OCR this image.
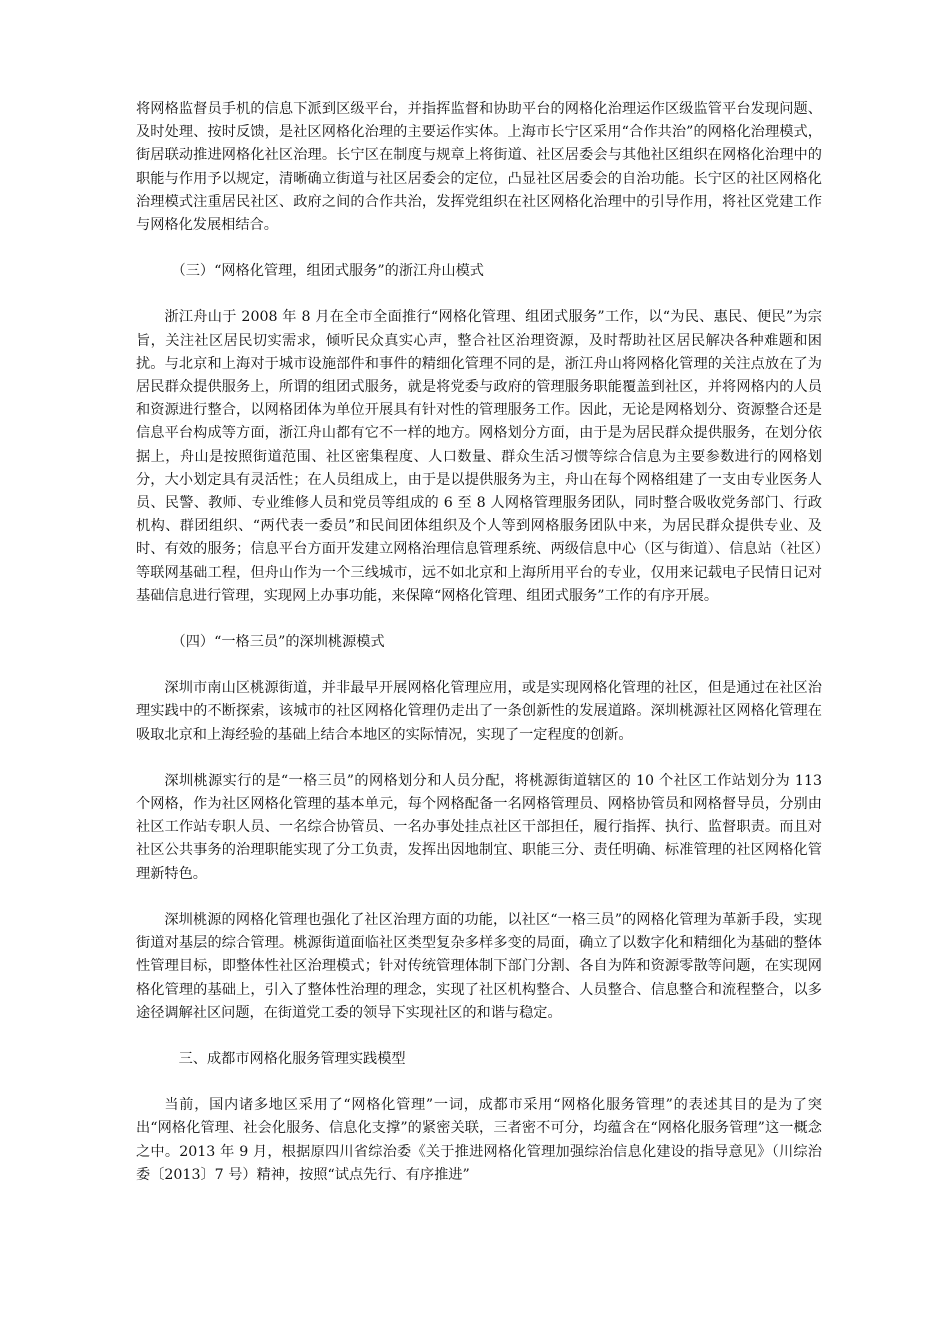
将网格监督员手机的信息下派到区级平台，并指挥监督和协助平台的网格化治理运作区级监管平台发现问题、及时处理、按时反馈，是社区网格化治理的主要运作实体。上海市长宁区采用“合作共治”的网格化治理模式，街居联动推进网格化社区治理。长宁区在制度与规章上将街道、社区居委会与其他社区组织在网格化治理中的职能与作用予以规定，清晰确立街道与社区居委会的定位，凸显社区居委会的自治功能。长宁区的社区网格化治理模式注重居民社区、政府之间的合作共治，发挥党组织在社区网格化治理中的引导作用，将社区党建工作与网格化发展相结合。

（三）“网格化管理，组团式服务”的浙江舟山模式

浙江舟山于 2008 年 8 月在全市全面推行“网格化管理、组团式服务”工作，以“为民、惠民、便民”为宗旨，关注社区居民切实需求，倾听民众真实心声，整合社区治理资源，及时帮助社区居民解决各种难题和困扰。与北京和上海对于城市设施部件和事件的精细化管理不同的是，浙江舟山将网格化管理的关注点放在了为居民群众提供服务上，所谓的组团式服务，就是将党委与政府的管理服务职能覆盖到社区，并将网格内的人员和资源进行整合，以网格团体为单位开展具有针对性的管理服务工作。因此，无论是网格划分、资源整合还是信息平台构成等方面，浙江舟山都有它不一样的地方。网格划分方面，由于是为居民群众提供服务，在划分依据上，舟山是按照街道范围、社区密集程度、人口数量、群众生活习惯等综合信息为主要参数进行的网格划分，大小划定具有灵活性；在人员组成上，由于是以提供服务为主，舟山在每个网格组建了一支由专业医务人员、民警、教师、专业维修人员和党员等组成的 6 至 8 人网格管理服务团队，同时整合吸收党务部门、行政机构、群团组织、“两代表一委员”和民间团体组织及个人等到网格服务团队中来，为居民群众提供专业、及时、有效的服务；信息平台方面开发建立网格治理信息管理系统、两级信息中心（区与街道）、信息站（社区）等联网基础工程，但舟山作为一个三线城市，远不如北京和上海所用平台的专业，仅用来记载电子民情日记对基础信息进行管理，实现网上办事功能，来保障“网格化管理、组团式服务”工作的有序开展。

（四）“一格三员”的深圳桃源模式

深圳市南山区桃源街道，并非最早开展网格化管理应用，或是实现网格化管理的社区，但是通过在社区治理实践中的不断探索，该城市的社区网格化管理仍走出了一条创新性的发展道路。深圳桃源社区网格化管理在吸取北京和上海经验的基础上结合本地区的实际情况，实现了一定程度的创新。

深圳桃源实行的是“一格三员”的网格划分和人员分配，将桃源街道辖区的 10 个社区工作站划分为 113 个网格，作为社区网格化管理的基本单元，每个网格配备一名网格管理员、网格协管员和网格督导员，分别由社区工作站专职人员、一名综合协管员、一名办事处挂点社区干部担任，履行指挥、执行、监督职责。而且对社区公共事务的治理职能实现了分工负责，发挥出因地制宜、职能三分、责任明确、标准管理的社区网格化管理新特色。

深圳桃源的网格化管理也强化了社区治理方面的功能，以社区“一格三员”的网格化管理为革新手段，实现街道对基层的综合管理。桃源街道面临社区类型复杂多样多变的局面，确立了以数字化和精细化为基础的整体性管理目标，即整体性社区治理模式；针对传统管理体制下部门分割、各自为阵和资源零散等问题，在实现网格化管理的基础上，引入了整体性治理的理念，实现了社区机构整合、人员整合、信息整合和流程整合，以多途径调解社区问题，在街道党工委的领导下实现社区的和谐与稳定。

三、成都市网格化服务管理实践模型

当前，国内诸多地区采用了“网格化管理”一词，成都市采用“网格化服务管理”的表述其目的是为了突出“网格化管理、社会化服务、信息化支撑”的紧密关联，三者密不可分，均蕴含在“网格化服务管理”这一概念之中。2013 年 9 月，根据原四川省综治委《关于推进网格化管理加强综治信息化建设的指导意见》（川综治委〔2013〕7 号）精神，按照“试点先行、有序推进”
